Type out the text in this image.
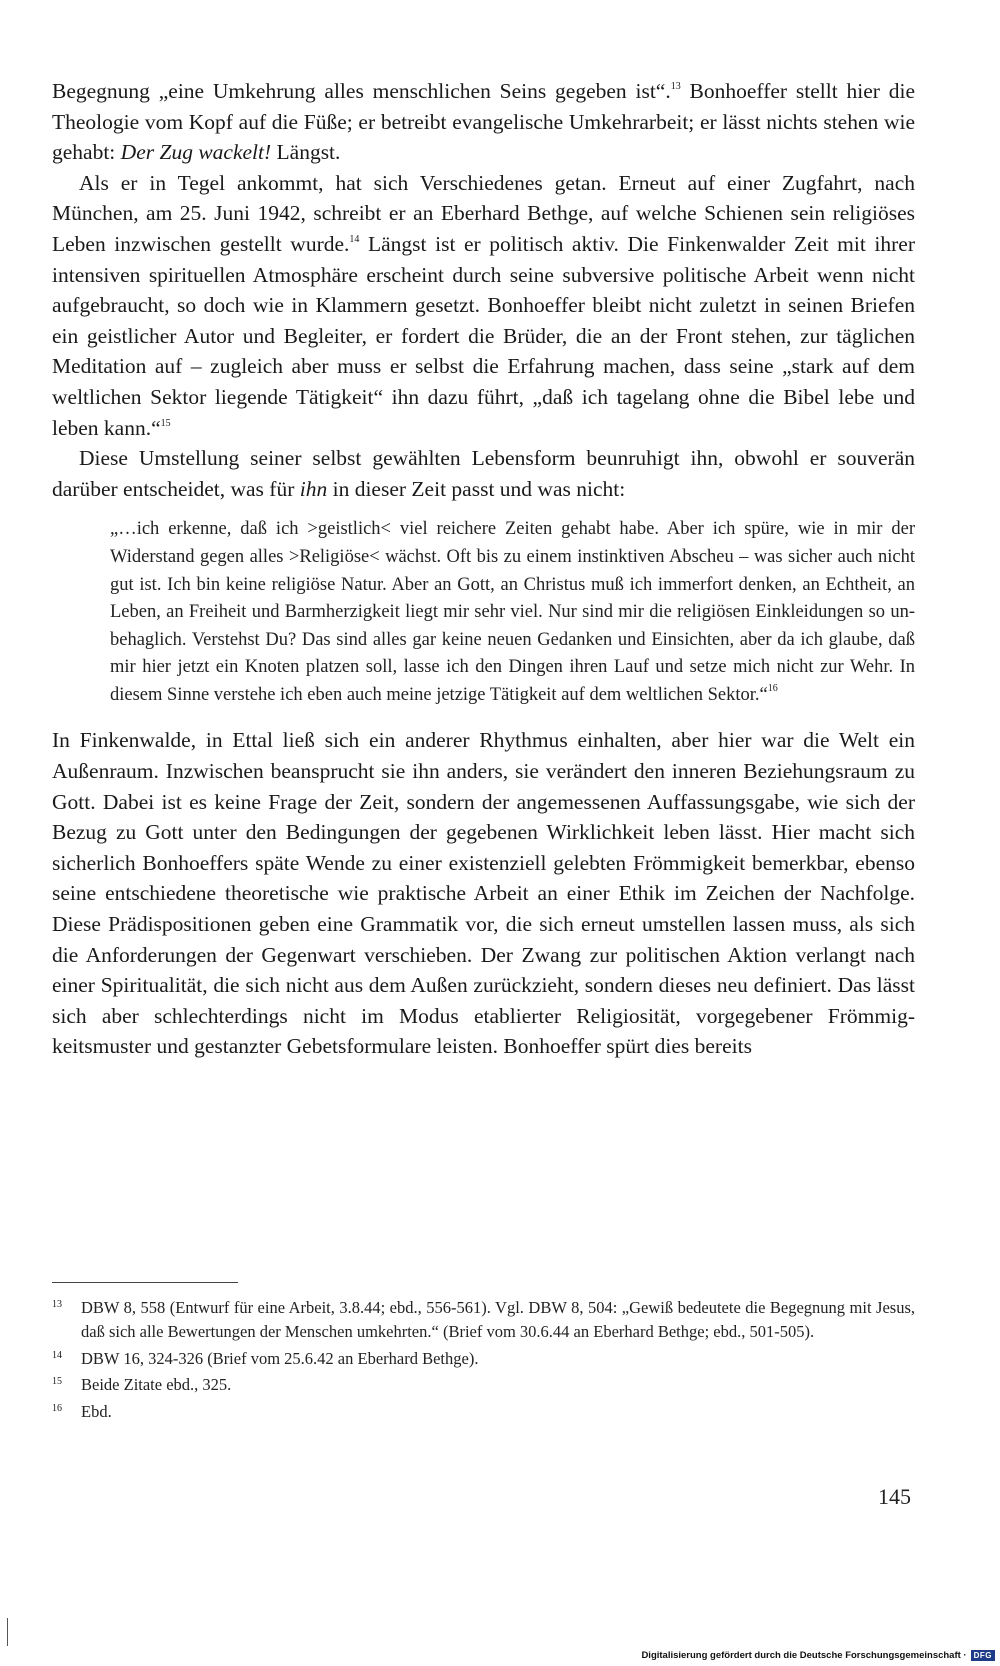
Begegnung „eine Umkehrung alles menschlichen Seins gegeben ist“.$^{13}$ Bonhoeffer stellt hier die Theologie vom Kopf auf die Füße; er betreibt evangelische Umkehrarbeit; er lässt nichts stehen wie gehabt: Der Zug wackelt! Längst.

Als er in Tegel ankommt, hat sich Verschiedenes getan. Erneut auf einer Zugfahrt, nach München, am 25. Juni 1942, schreibt er an Eberhard Bethge, auf welche Schienen sein religiöses Leben inzwischen gestellt wurde.$^{14}$ Längst ist er politisch aktiv. Die Finkenwalder Zeit mit ihrer intensiven spirituellen Atmosphäre erscheint durch seine subversive politische Arbeit wenn nicht aufgebraucht, so doch wie in Klammern gesetzt. Bonhoeffer bleibt nicht zuletzt in seinen Briefen ein geistlicher Autor und Begleiter, er fordert die Brüder, die an der Front stehen, zur täglichen Meditation auf – zugleich aber muss er selbst die Erfahrung machen, dass seine „stark auf dem weltlichen Sektor liegende Tätigkeit“ ihn dazu führt, „daß ich tagelang ohne die Bibel lebe und leben kann.“$^{15}$

Diese Umstellung seiner selbst gewählten Lebensform beunruhigt ihn, obwohl er souverän darüber entscheidet, was für ihn in dieser Zeit passt und was nicht:

„…ich erkenne, daß ich >geistlich< viel reichere Zeiten gehabt habe. Aber ich spüre, wie in mir der Widerstand gegen alles >Religiöse< wächst. Oft bis zu einem instinktiven Abscheu – was sicher auch nicht gut ist. Ich bin keine religiöse Natur. Aber an Gott, an Christus muß ich immerfort denken, an Echtheit, an Leben, an Freiheit und Barmherzigkeit liegt mir sehr viel. Nur sind mir die religiösen Einkleidungen so unbehaglich. Verstehst Du? Das sind alles gar keine neuen Gedanken und Einsichten, aber da ich glaube, daß mir hier jetzt ein Knoten platzen soll, lasse ich den Dingen ihren Lauf und setze mich nicht zur Wehr. In diesem Sinne verstehe ich eben auch meine jetzige Tätigkeit auf dem weltlichen Sektor.“$^{16}$

In Finkenwalde, in Ettal ließ sich ein anderer Rhythmus einhalten, aber hier war die Welt ein Außenraum. Inzwischen beansprucht sie ihn anders, sie verändert den inneren Beziehungsraum zu Gott. Dabei ist es keine Frage der Zeit, sondern der angemessenen Auffassungsgabe, wie sich der Bezug zu Gott unter den Bedingungen der gegebenen Wirklichkeit leben lässt. Hier macht sich sicherlich Bonhoeffers späte Wende zu einer existenziell gelebten Frömmigkeit bemerkbar, ebenso seine entschiedene theoretische wie praktische Arbeit an einer Ethik im Zeichen der Nachfolge. Diese Prädispositionen geben eine Grammatik vor, die sich erneut umstellen lassen muss, als sich die Anforderungen der Gegenwart verschieben. Der Zwang zur politischen Aktion verlangt nach einer Spiritualität, die sich nicht aus dem Außen zurückzieht, sondern dieses neu definiert. Das lässt sich aber schlechterdings nicht im Modus etablierter Religiosität, vorgegebener Frömmigkeitsmuster und gestanzter Gebetsformulare leisten. Bonhoeffer spürt dies bereits

13	DBW 8, 558 (Entwurf für eine Arbeit, 3.8.44; ebd., 556-561). Vgl. DBW 8, 504: „Gewiß bedeutete die Begegnung mit Jesus, daß sich alle Bewertungen der Menschen umkehrten.“ (Brief vom 30.6.44 an Eberhard Bethge; ebd., 501-505).
14	DBW 16, 324-326 (Brief vom 25.6.42 an Eberhard Bethge).
15	Beide Zitate ebd., 325.
16	Ebd.
145
Digitalisierung gefördert durch die Deutsche Forschungsgemeinschaft · DFG
